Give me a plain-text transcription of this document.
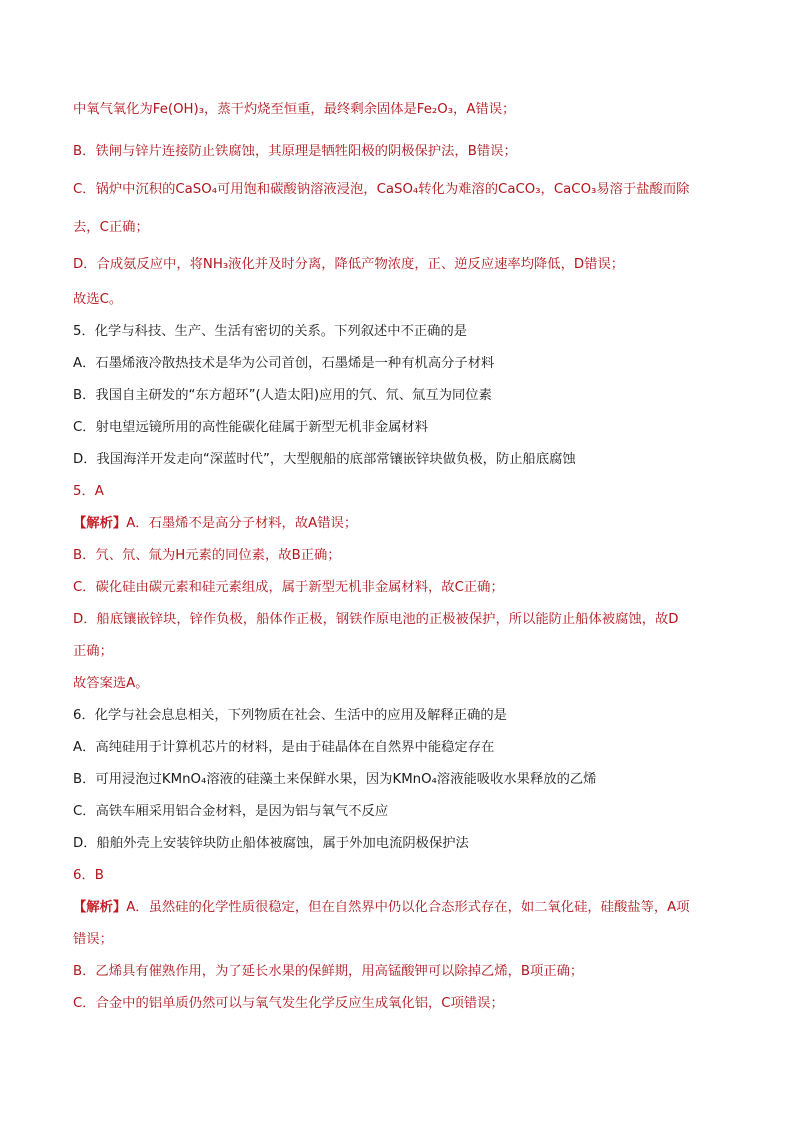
中氧气氧化为Fe(OH)₃，蒸干灼烧至恒重，最终剩余固体是Fe₂O₃，A错误；
B．铁闸与锌片连接防止铁腐蚀，其原理是牺牲阳极的阴极保护法，B错误；
C．锅炉中沉积的CaSO₄可用饱和碳酸钠溶液浸泡，CaSO₄转化为难溶的CaCO₃，CaCO₃易溶于盐酸而除
去，C正确；
D．合成氨反应中，将NH₃液化并及时分离，降低产物浓度，正、逆反应速率均降低，D错误；
故选C。
5．化学与科技、生产、生活有密切的关系。下列叙述中不正确的是
A．石墨烯液冷散热技术是华为公司首创，石墨烯是一种有机高分子材料
B．我国自主研发的“东方超环”(人造太阳)应用的氕、氘、氚互为同位素
C．射电望远镜所用的高性能碳化硅属于新型无机非金属材料
D．我国海洋开发走向“深蓝时代”，大型舰船的底部常镶嵌锌块做负极，防止船底腐蚀
5．A
【解析】A．石墨烯不是高分子材料，故A错误；
B．氕、氘、氚为H元素的同位素，故B正确；
C．碳化硅由碳元素和硅元素组成，属于新型无机非金属材料，故C正确；
D．船底镶嵌锌块，锌作负极，船体作正极，钢铁作原电池的正极被保护，所以能防止船体被腐蚀，故D
正确；
故答案选A。
6．化学与社会息息相关，下列物质在社会、生活中的应用及解释正确的是
A．高纯硅用于计算机芯片的材料，是由于硅晶体在自然界中能稳定存在
B．可用浸泡过KMnO₄溶液的硅藻土来保鲜水果，因为KMnO₄溶液能吸收水果释放的乙烯
C．高铁车厢采用铝合金材料，是因为铝与氧气不反应
D．船舶外壳上安装锌块防止船体被腐蚀，属于外加电流阴极保护法
6．B
【解析】A．虽然硅的化学性质很稳定，但在自然界中仍以化合态形式存在，如二氧化硅，硅酸盐等，A项
错误；
B．乙烯具有催熟作用，为了延长水果的保鲜期，用高锰酸钾可以除掉乙烯，B项正确；
C．合金中的铝单质仍然可以与氧气发生化学反应生成氧化铝，C项错误；
